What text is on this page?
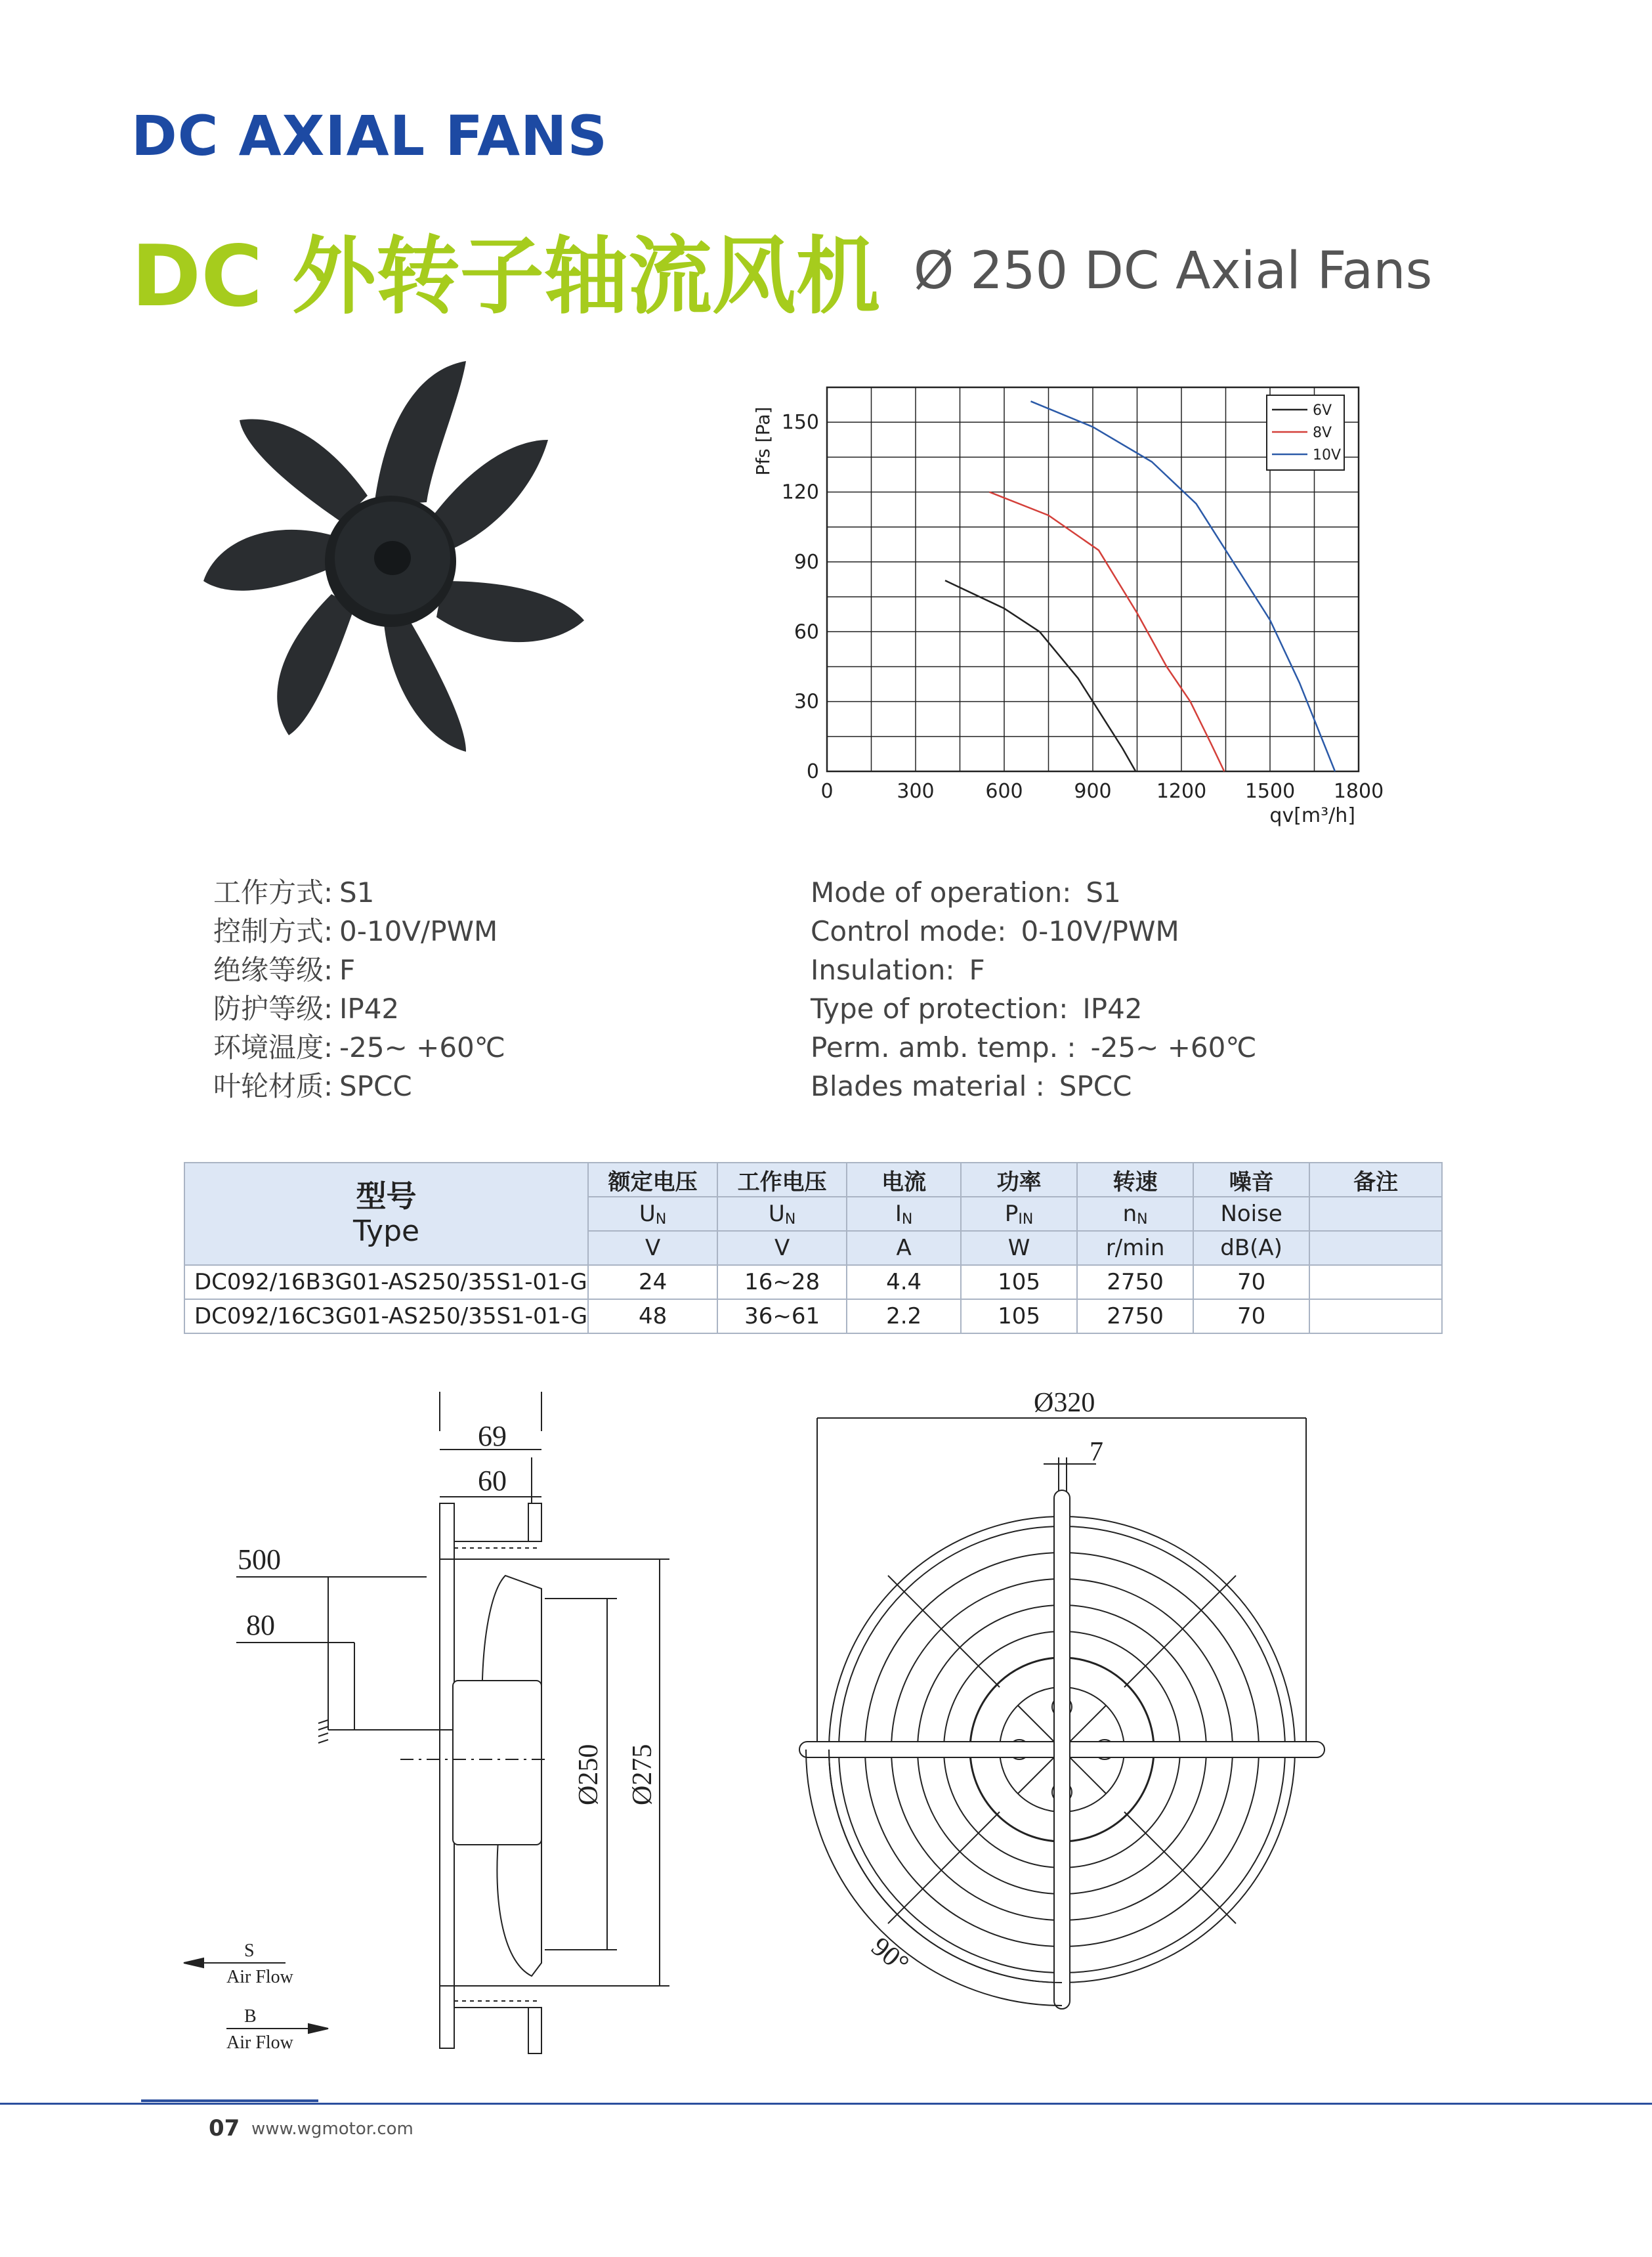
DC AXIAL FANS
DC 外转子轴流风机 Ø 250 DC Axial Fans
0	300	600	900 1200 1500 1800
0
30
60
90
120
150
6V
8V
10V
qv[m³/h]
Pfs [Pa]
工作方式: S1
控制方式: 0-10V/PWM
绝缘等级: F
防护等级: IP42
环境温度: -25~ +60℃
叶轮材质: SPCC
Mode of operation: S1
Control mode: 0-10V/PWM
Insulation: F
Type of protection: IP42
Perm. amb. temp. : -25~ +60℃
Blades material : SPCC
型号
Type	额定电压	工作电压	电流	功率	转速	噪音	备注
	UN	UN	IN	PIN	nN	Noise	
	V	V	A	W	r/min	dB(A)	
DC092/16B3G01-AS250/35S1-01-G	24	16~28	4.4	105	2750	70	
DC092/16C3G01-AS250/35S1-01-G	48	36~61	2.2	105	2750	70	
69
60
Ø250 Ø275
500
80
S
Air Flow
B
Air Flow
Ø320
7
90°
07 www.wgmotor.com
